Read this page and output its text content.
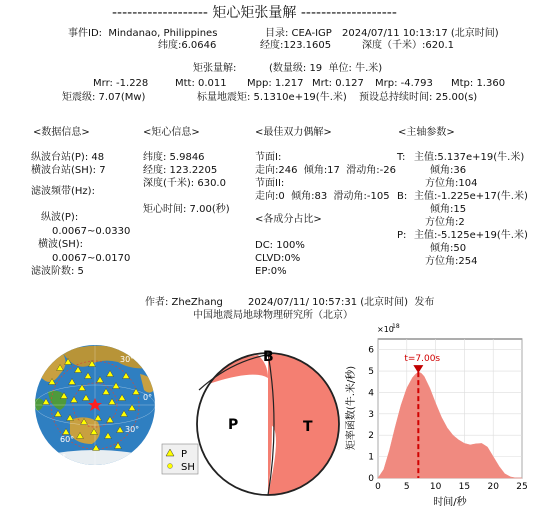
------------------- 矩心矩张量解 -------------------
事件ID:  Mindanao, Philippines	目录: CEA-IGP 2024/07/11 10:13:17 (北京时间)
纬度:6.0646	经度:123.1605	深度（千米）:620.1
矩张量解:	(数量级: 19  单位: 牛.米)
Mrr: -1.228	Mtt: 0.011 Mpp: 1.217 Mrt: 0.127 Mrp: -4.793 Mtp: 1.360
矩震级: 7.07(Mw)	标量地震矩: 5.1310e+19(牛.米) 预设总持续时间: 25.00(s)
<数据信息>
纵波台站(P): 48
横波台站(SH): 7
滤波频带(Hz):
纵波(P):
0.0067~0.0330
横波(SH):
0.0067~0.0170
滤波阶数: 5
<矩心信息>
纬度: 5.9846
经度: 123.2205
深度(千米): 630.0
矩心时间: 7.00(秒)
<最佳双力偶解>
节面I:
走向:246  倾角:17  滑动角:-26
节面II:
走向:0  倾角:83  滑动角:-105
<各成分占比>
DC: 100%
CLVD:0%
EP:0%
<主轴参数>
T: 主值:5.137e+19(牛.米)
倾角:36
方位角:104
B: 主值:-1.225e+17(牛.米)
倾角:15
方位角:2
P: 主值:-5.125e+19(牛.米)
倾角:50
方位角:254
作者: ZheZhang	2024/07/11/ 10:57:31 (北京时间)  发布
中国地震局地球物理研究所（北京）
30°
0°
30°
60°
90°	P
SH
B
P	T
×10
18
t=7.00s
0	5 10 15 20 25
0
1
2
3
4
5
6
时间/秒
矩率函数(牛.米/秒)
